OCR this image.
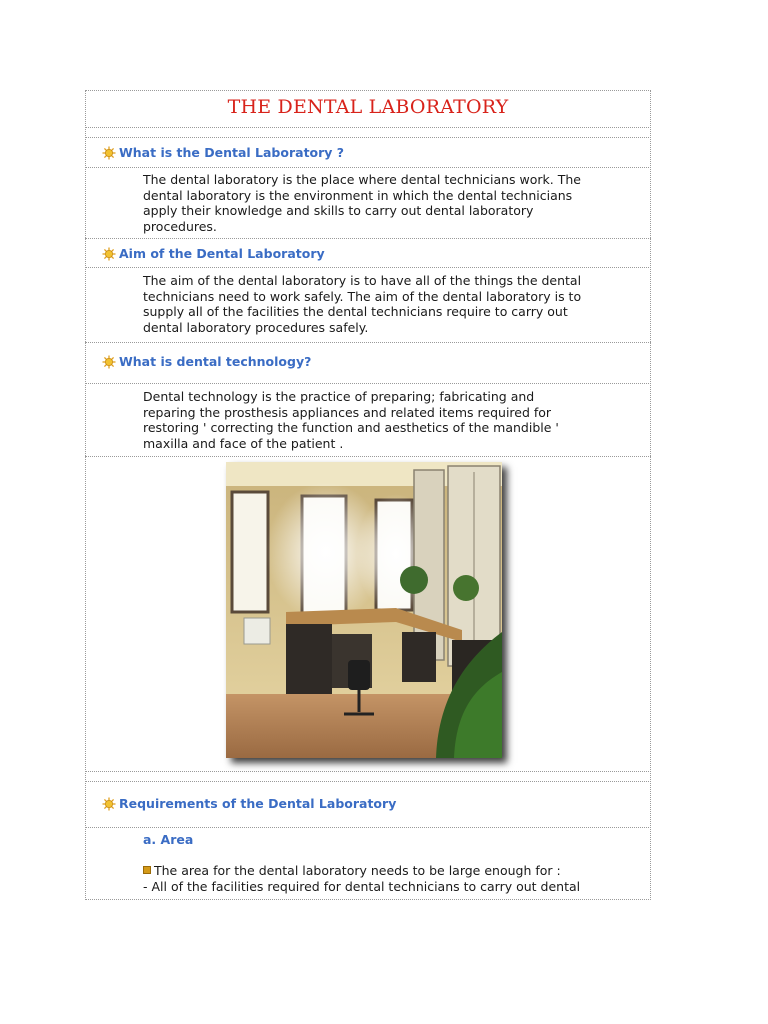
THE DENTAL LABORATORY
What is the Dental Laboratory ?
The dental laboratory is the place where dental technicians work. The
dental laboratory is the environment in which the dental technicians
apply their knowledge and skills to carry out dental laboratory
procedures.
Aim of the Dental Laboratory
The aim of the dental laboratory is to have all of the things the dental
technicians need to work safely. The aim of the dental laboratory is to
supply all of the facilities the dental technicians require to carry out
dental laboratory procedures safely.
What is dental technology?
Dental technology is the practice of preparing; fabricating and
reparing the prosthesis appliances and related items required for
restoring ' correcting the function and aesthetics of the mandible '
maxilla and face of the patient .
Requirements of the Dental Laboratory
a. Area
The area for the dental laboratory needs to be large enough for :
- All of the facilities required for dental technicians to carry out dental
